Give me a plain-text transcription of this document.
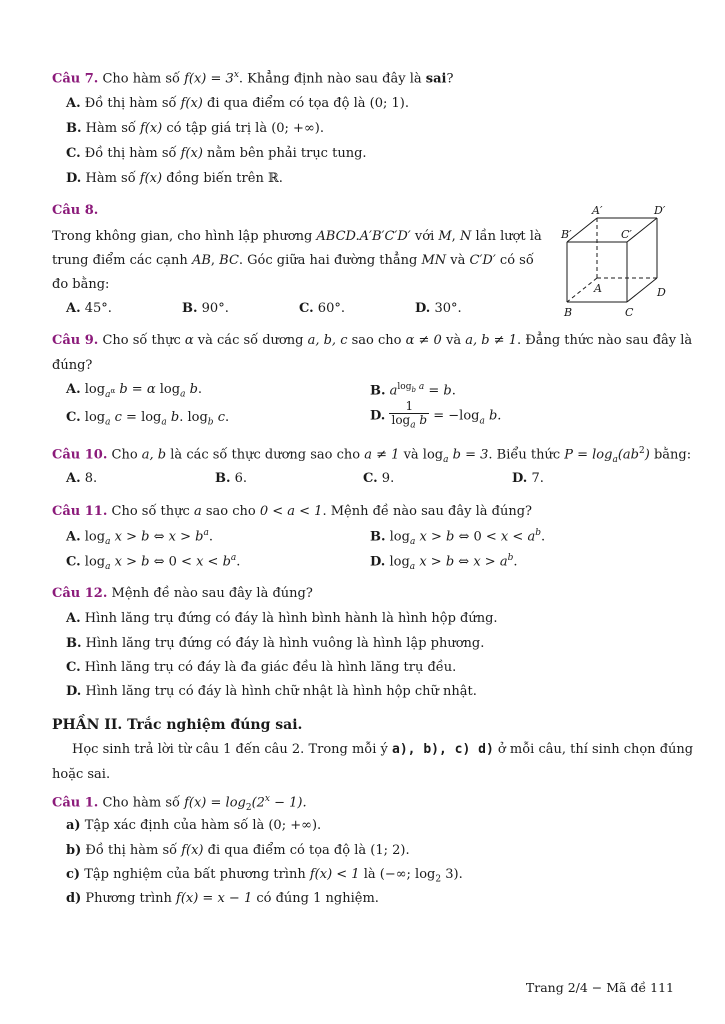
Câu 7. Cho hàm số $f(x) = 3^x$. Khẳng định nào sau đây là sai?
A. Đồ thị hàm số f(x) đi qua điểm có tọa độ là (0; 1).
B. Hàm số f(x) có tập giá trị là (0; +∞).
C. Đồ thị hàm số f(x) nằm bên phải trục tung.
D. Hàm số f(x) đồng biến trên ℝ.
Câu 8.
Trong không gian, cho hình lập phương ABCD.A′B′C′D′ với M, N lần lượt là
trung điểm các cạnh AB, BC. Góc giữa hai đường thẳng MN và C′D′ có số
đo bằng:
A. 45°.	B. 90°.	C. 60°.	D. 30°.
Câu 9. Cho số thực α và các số dương a, b, c sao cho α ≠ 0 và a, b ≠ 1. Đẳng thức nào sau đây là
đúng?
A. $\log_{a^\alpha} b = \alpha$ $\log_a b$.	B. $a^{log_b a} = b$.
C. $\log_a c = \log_a b$. $\log_b c$.	D. $\frac{1}{\log_a b} = -\log_a$ b.
Câu 10. Cho a, b là các số thực dương sao cho a ≠ 1 và $\log_a b = 3$. Biểu thức $P = \log_a(ab^2)$ bằng:
A. 8.	B. 6.	C. 9.	D. 7.
Câu 11. Cho số thực a sao cho 0 < a < 1. Mệnh đề nào sau đây là đúng?
A. $\log_a x > b$ ⇔ $x > b^a$.	B. $\log_a x > b$ ⇔ $0 < x < a^b$.
C. $\log_a x > b$ ⇔ $0 < x < b^a$.	D. $\log_a x > b$ ⇔ $x > a^b$.
Câu 12. Mệnh đề nào sau đây là đúng?
A. Hình lăng trụ đứng có đáy là hình bình hành là hình hộp đứng.
B. Hình lăng trụ đứng có đáy là hình vuông là hình lập phương.
C. Hình lăng trụ có đáy là đa giác đều là hình lăng trụ đều.
D. Hình lăng trụ có đáy là hình chữ nhật là hình hộp chữ nhật.
PHẦN II. Trắc nghiệm đúng sai.
Học sinh trả lời từ câu 1 đến câu 2. Trong mỗi ý a), b), c) d) ở mỗi câu, thí sinh chọn đúng
hoặc sai.
Câu 1. Cho hàm số $f(x) = \log_2(2^x - 1)$.
a) Tập xác định của hàm số là (0; +∞).
b) Đồ thị hàm số f(x) đi qua điểm có tọa độ là (1; 2).
c) Tập nghiệm của bất phương trình f(x) < 1 là (−∞; $\log_2 3$).
d) Phương trình f(x) = x − 1 có đúng 1 nghiệm.
A′	D′
B′	C′
A	D
B	C
Trang 2/4 − Mã đề 111
